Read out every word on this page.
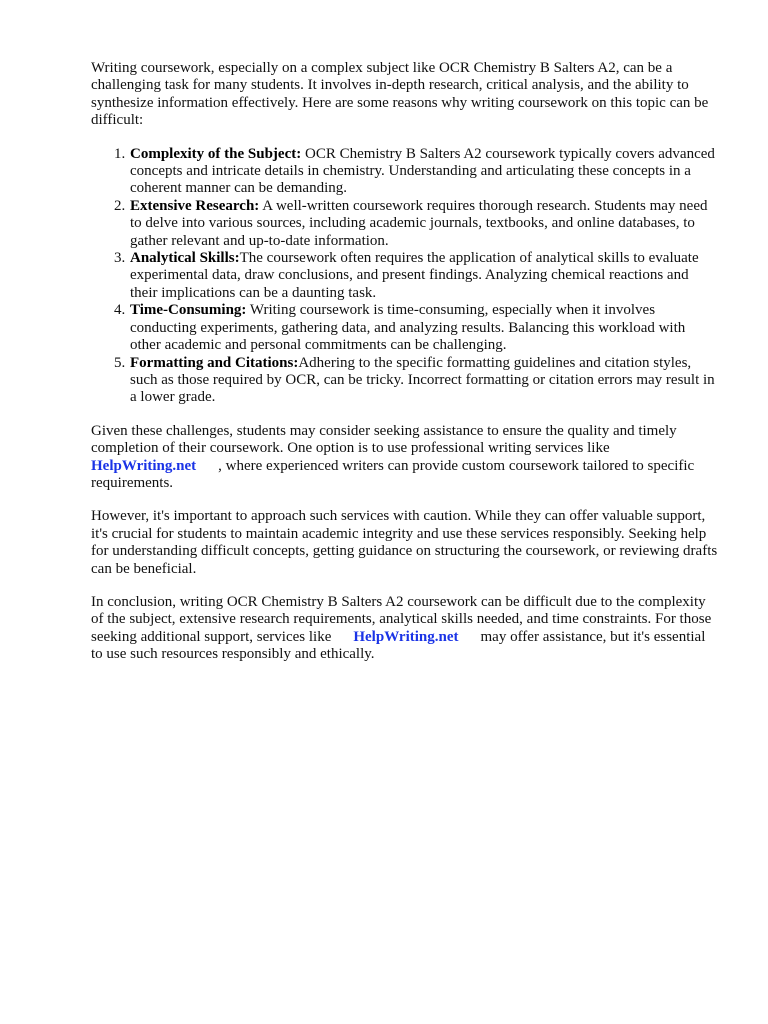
Writing coursework, especially on a complex subject like OCR Chemistry B Salters A2, can be a challenging task for many students. It involves in-depth research, critical analysis, and the ability to synthesize information effectively. Here are some reasons why writing coursework on this topic can be difficult:

1. Complexity of the Subject: OCR Chemistry B Salters A2 coursework typically covers advanced concepts and intricate details in chemistry. Understanding and articulating these concepts in a coherent manner can be demanding.
2. Extensive Research: A well-written coursework requires thorough research. Students may need to delve into various sources, including academic journals, textbooks, and online databases, to gather relevant and up-to-date information.
3. Analytical Skills:The coursework often requires the application of analytical skills to evaluate experimental data, draw conclusions, and present findings. Analyzing chemical reactions and their implications can be a daunting task.
4. Time-Consuming: Writing coursework is time-consuming, especially when it involves conducting experiments, gathering data, and analyzing results. Balancing this workload with other academic and personal commitments can be challenging.
5. Formatting and Citations:Adhering to the specific formatting guidelines and citation styles, such as those required by OCR, can be tricky. Incorrect formatting or citation errors may result in a lower grade.

Given these challenges, students may consider seeking assistance to ensure the quality and timely completion of their coursework. One option is to use professional writing services like HelpWriting.net , where experienced writers can provide custom coursework tailored to specific requirements.

However, it's important to approach such services with caution. While they can offer valuable support, it's crucial for students to maintain academic integrity and use these services responsibly. Seeking help for understanding difficult concepts, getting guidance on structuring the coursework, or reviewing drafts can be beneficial.

In conclusion, writing OCR Chemistry B Salters A2 coursework can be difficult due to the complexity of the subject, extensive research requirements, analytical skills needed, and time constraints. For those seeking additional support, services like HelpWriting.net may offer assistance, but it's essential to use such resources responsibly and ethically.
